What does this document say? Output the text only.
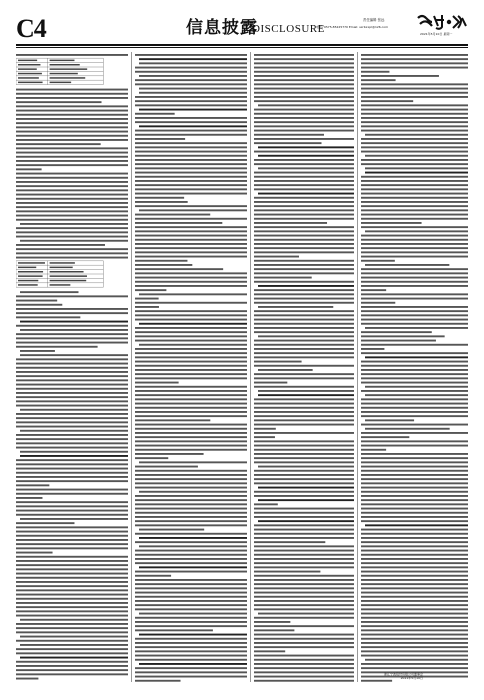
C4	信息披露
DISCLOSURE
责任编辑 张远
电话: 0575-85225770 Email: sxrbxxpl@126.com
2021年5月10日 星期一
浙江宁波股份有限公司董事会
2021年5月10日
